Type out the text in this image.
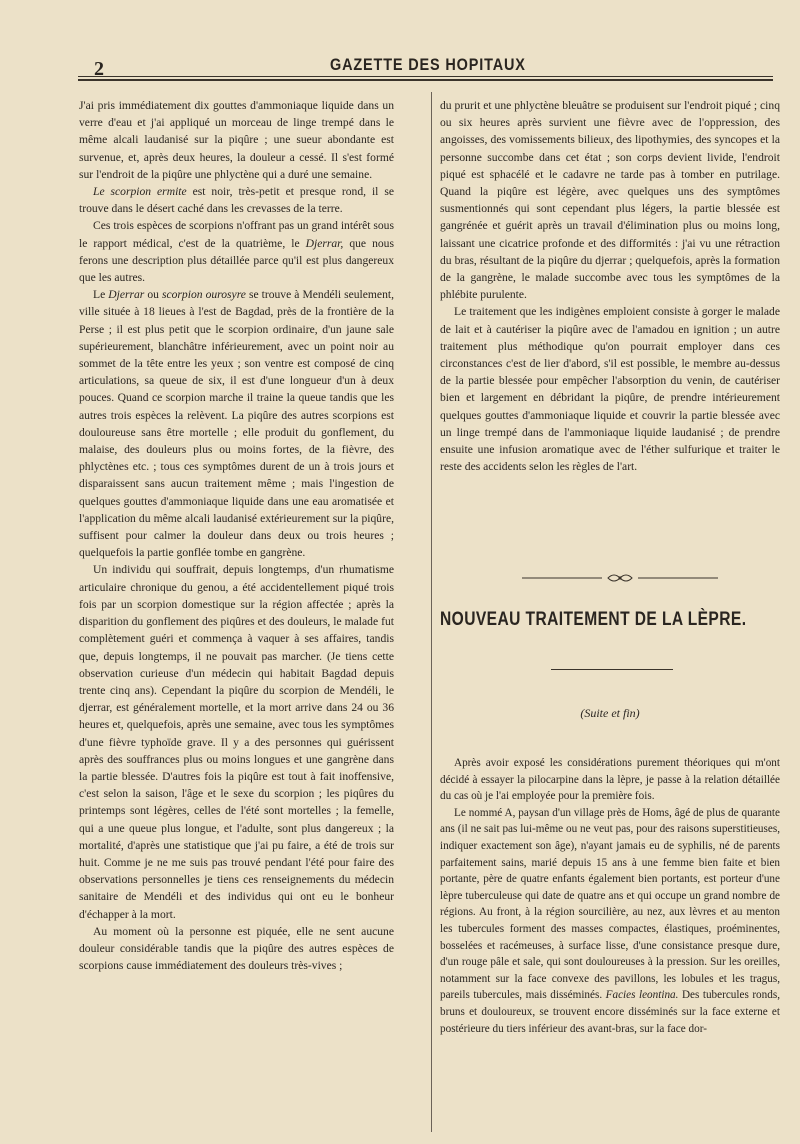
2	GAZETTE DES HOPITAUX

J'ai pris immédiatement dix gouttes d'ammoniaque liquide dans un verre d'eau et j'ai appliqué un morceau de linge trempé dans le même alcali laudanisé sur la piqûre ; une sueur abondante est survenue, et, après deux heures, la douleur a cessé. Il s'est formé sur l'endroit de la piqûre une phlyctène qui a duré une semaine.

Le scorpion ermite est noir, très-petit et presque rond, il se trouve dans le désert caché dans les crevasses de la terre.

Ces trois espèces de scorpions n'offrant pas un grand intérêt sous le rapport médical, c'est de la quatrième, le Djerrar, que nous ferons une description plus détaillée parce qu'il est plus dangereux que les autres.

Le Djerrar ou scorpion ourosyre se trouve à Mendéli seulement, ville située à 18 lieues à l'est de Bagdad, près de la frontière de la Perse ; il est plus petit que le scorpion ordinaire, d'un jaune sale supérieurement, blanchâtre inférieurement, avec un point noir au sommet de la tête entre les yeux ; son ventre est composé de cinq articulations, sa queue de six, il est d'une longueur d'un à deux pouces. Quand ce scorpion marche il traine la queue tandis que les autres trois espèces la relèvent. La piqûre des autres scorpions est douloureuse sans être mortelle ; elle produit du gonflement, du malaise, des douleurs plus ou moins fortes, de la fièvre, des phlyctènes etc. ; tous ces symptômes durent de un à trois jours et disparaissent sans aucun traitement même ; mais l'ingestion de quelques gouttes d'ammoniaque liquide dans une eau aromatisée et l'application du même alcali laudanisé extérieurement sur la piqûre, suffisent pour calmer la douleur dans deux ou trois heures ; quelquefois la partie gonflée tombe en gangrène.

Un individu qui souffrait, depuis longtemps, d'un rhumatisme articulaire chronique du genou, a été accidentellement piqué trois fois par un scorpion domestique sur la région affectée ; après la disparition du gonflement des piqûres et des douleurs, le malade fut complètement guéri et commença à vaquer à ses affaires, tandis que, depuis longtemps, il ne pouvait pas marcher. (Je tiens cette observation curieuse d'un médecin qui habitait Bagdad depuis trente cinq ans). Cependant la piqûre du scorpion de Mendéli, le djerrar, est généralement mortelle, et la mort arrive dans 24 ou 36 heures et, quelquefois, après une semaine, avec tous les symptômes d'une fièvre typhoïde grave. Il y a des personnes qui guérissent après des souffrances plus ou moins longues et une gangrène dans la partie blessée. D'autres fois la piqûre est tout à fait inoffensive, c'est selon la saison, l'âge et le sexe du scorpion ; les piqûres du printemps sont légères, celles de l'été sont mortelles ; la femelle, qui a une queue plus longue, et l'adulte, sont plus dangereux ; la mortalité, d'après une statistique que j'ai pu faire, a été de trois sur huit. Comme je ne me suis pas trouvé pendant l'été pour faire des observations personnelles je tiens ces renseignements du médecin sanitaire de Mendéli et des individus qui ont eu le bonheur d'échapper à la mort.

Au moment où la personne est piquée, elle ne sent aucune douleur considérable tandis que la piqûre des autres espèces de scorpions cause immédiatement des douleurs très-vives ;

du prurit et une phlyctène bleuâtre se produisent sur l'endroit piqué ; cinq ou six heures après survient une fièvre avec de l'oppression, des angoisses, des vomissements bilieux, des lipothymies, des syncopes et la personne succombe dans cet état ; son corps devient livide, l'endroit piqué est sphacélé et le cadavre ne tarde pas à tomber en putrilage. Quand la piqûre est légère, avec quelques uns des symptômes susmentionnés qui sont cependant plus légers, la partie blessée est gangrénée et guérit après un travail d'élimination plus ou moins long, laissant une cicatrice profonde et des difformités : j'ai vu une rétraction du bras, résultant de la piqûre du djerrar ; quelquefois, après la formation de la gangrène, le malade succombe avec tous les symptômes de la phlébite purulente.

Le traitement que les indigènes emploient consiste à gorger le malade de lait et à cautériser la piqûre avec de l'amadou en ignition ; un autre traitement plus méthodique qu'on pourrait employer dans ces circonstances c'est de lier d'abord, s'il est possible, le membre au-dessus de la partie blessée pour empêcher l'absorption du venin, de cautériser bien et largement en débridant la piqûre, de prendre intérieurement quelques gouttes d'ammoniaque liquide et couvrir la partie blessée avec un linge trempé dans de l'ammoniaque liquide laudanisé ; de prendre ensuite une infusion aromatique avec de l'éther sulfurique et traiter le reste des accidents selon les règles de l'art.

NOUVEAU TRAITEMENT DE LA LÈPRE.
(Suite et fin)

Après avoir exposé les considérations purement théoriques qui m'ont décidé à essayer la pilocarpine dans la lèpre, je passe à la relation détaillée du cas où je l'ai employée pour la première fois.

Le nommé A, paysan d'un village près de Homs, âgé de plus de quarante ans (il ne sait pas lui-même ou ne veut pas, pour des raisons superstitieuses, indiquer exactement son âge), n'ayant jamais eu de syphilis, né de parents parfaitement sains, marié depuis 15 ans à une femme bien faite et bien portante, père de quatre enfants également bien portants, est porteur d'une lèpre tuberculeuse qui date de quatre ans et qui occupe un grand nombre de régions. Au front, à la région sourcilière, au nez, aux lèvres et au menton les tubercules forment des masses compactes, élastiques, proéminentes, bosselées et racémeuses, à surface lisse, d'une consistance presque dure, d'un rouge pâle et sale, qui sont douloureuses à la pression. Sur les oreilles, notamment sur la face convexe des pavillons, les lobules et les tragus, pareils tubercules, mais disséminés. Facies leontina. Des tubercules ronds, bruns et douloureux, se trouvent encore disséminés sur la face externe et postérieure du tiers inférieur des avant-bras, sur la face dor-
